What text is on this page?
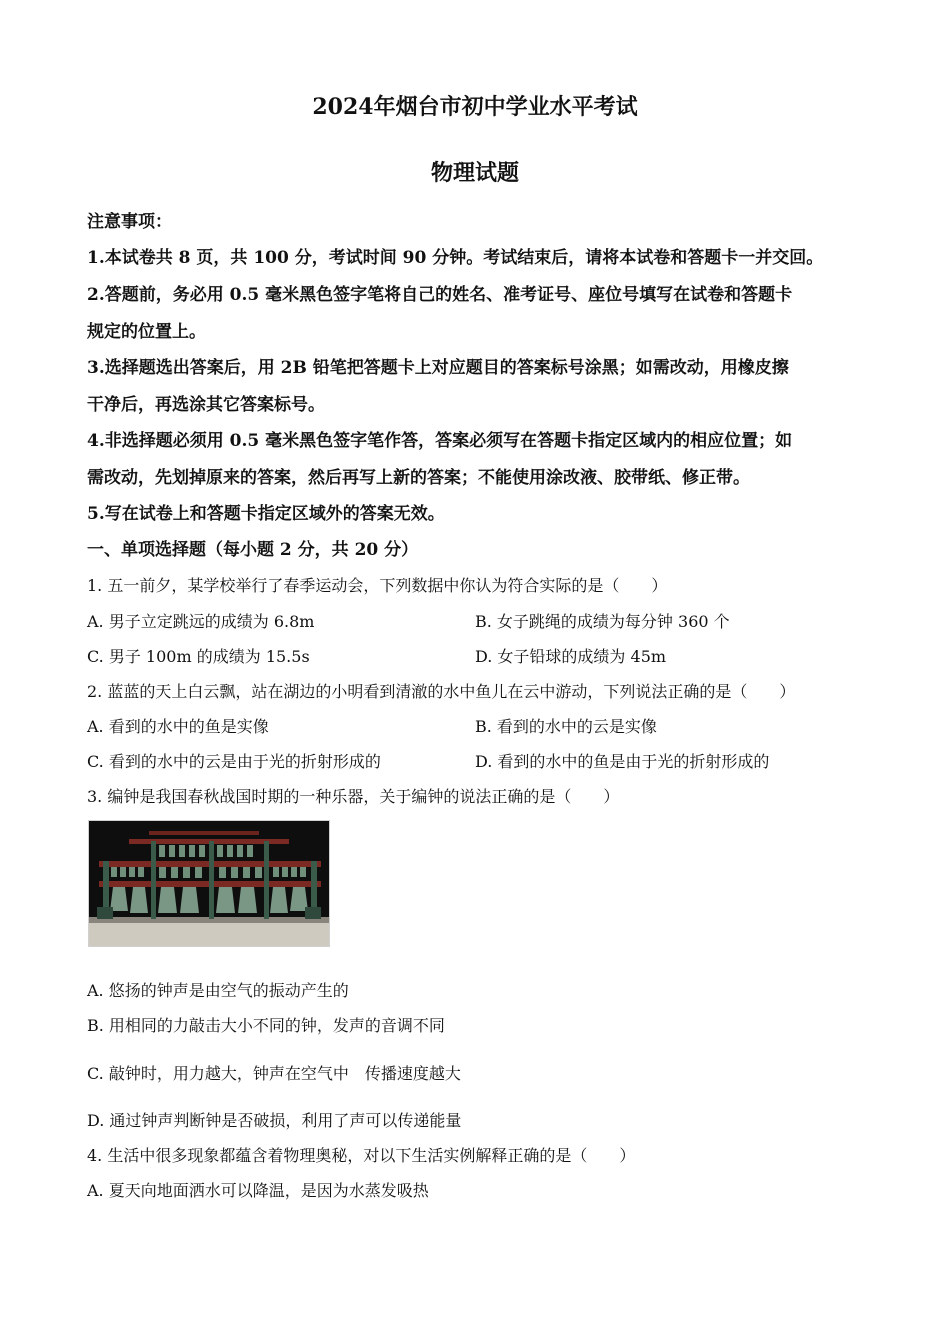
2024年烟台市初中学业水平考试
物理试题
注意事项：
1.本试卷共 8 页，共 100 分，考试时间 90 分钟。考试结束后，请将本试卷和答题卡一并交回。
2.答题前，务必用 0.5 毫米黑色签字笔将自己的姓名、准考证号、座位号填写在试卷和答题卡
规定的位置上。
3.选择题选出答案后，用 2B 铅笔把答题卡上对应题目的答案标号涂黑；如需改动，用橡皮擦
干净后，再选涂其它答案标号。
4.非选择题必须用 0.5 毫米黑色签字笔作答，答案必须写在答题卡指定区域内的相应位置；如
需改动，先划掉原来的答案，然后再写上新的答案；不能使用涂改液、胶带纸、修正带。
5.写在试卷上和答题卡指定区域外的答案无效。
一、单项选择题（每小题 2 分，共 20 分）
1. 五一前夕，某学校举行了春季运动会，下列数据中你认为符合实际的是（　　）
A. 男子立定跳远的成绩为 6.8m	B. 女子跳绳的成绩为每分钟 360 个
C. 男子 100m 的成绩为 15.5s	D. 女子铅球的成绩为 45m
2. 蓝蓝的天上白云飘，站在湖边的小明看到清澈的水中鱼儿在云中游动，下列说法正确的是（　　）
A. 看到的水中的鱼是实像	B. 看到的水中的云是实像
C. 看到的水中的云是由于光的折射形成的	D. 看到的水中的鱼是由于光的折射形成的
3. 编钟是我国春秋战国时期的一种乐器，关于编钟的说法正确的是（　　）
A. 悠扬的钟声是由空气的振动产生的
B. 用相同的力敲击大小不同的钟，发声的音调不同
C. 敲钟时，用力越大，钟声在空气中　传播速度越大
D. 通过钟声判断钟是否破损，利用了声可以传递能量
4. 生活中很多现象都蕴含着物理奥秘，对以下生活实例解释正确的是（　　）
A. 夏天向地面洒水可以降温，是因为水蒸发吸热
